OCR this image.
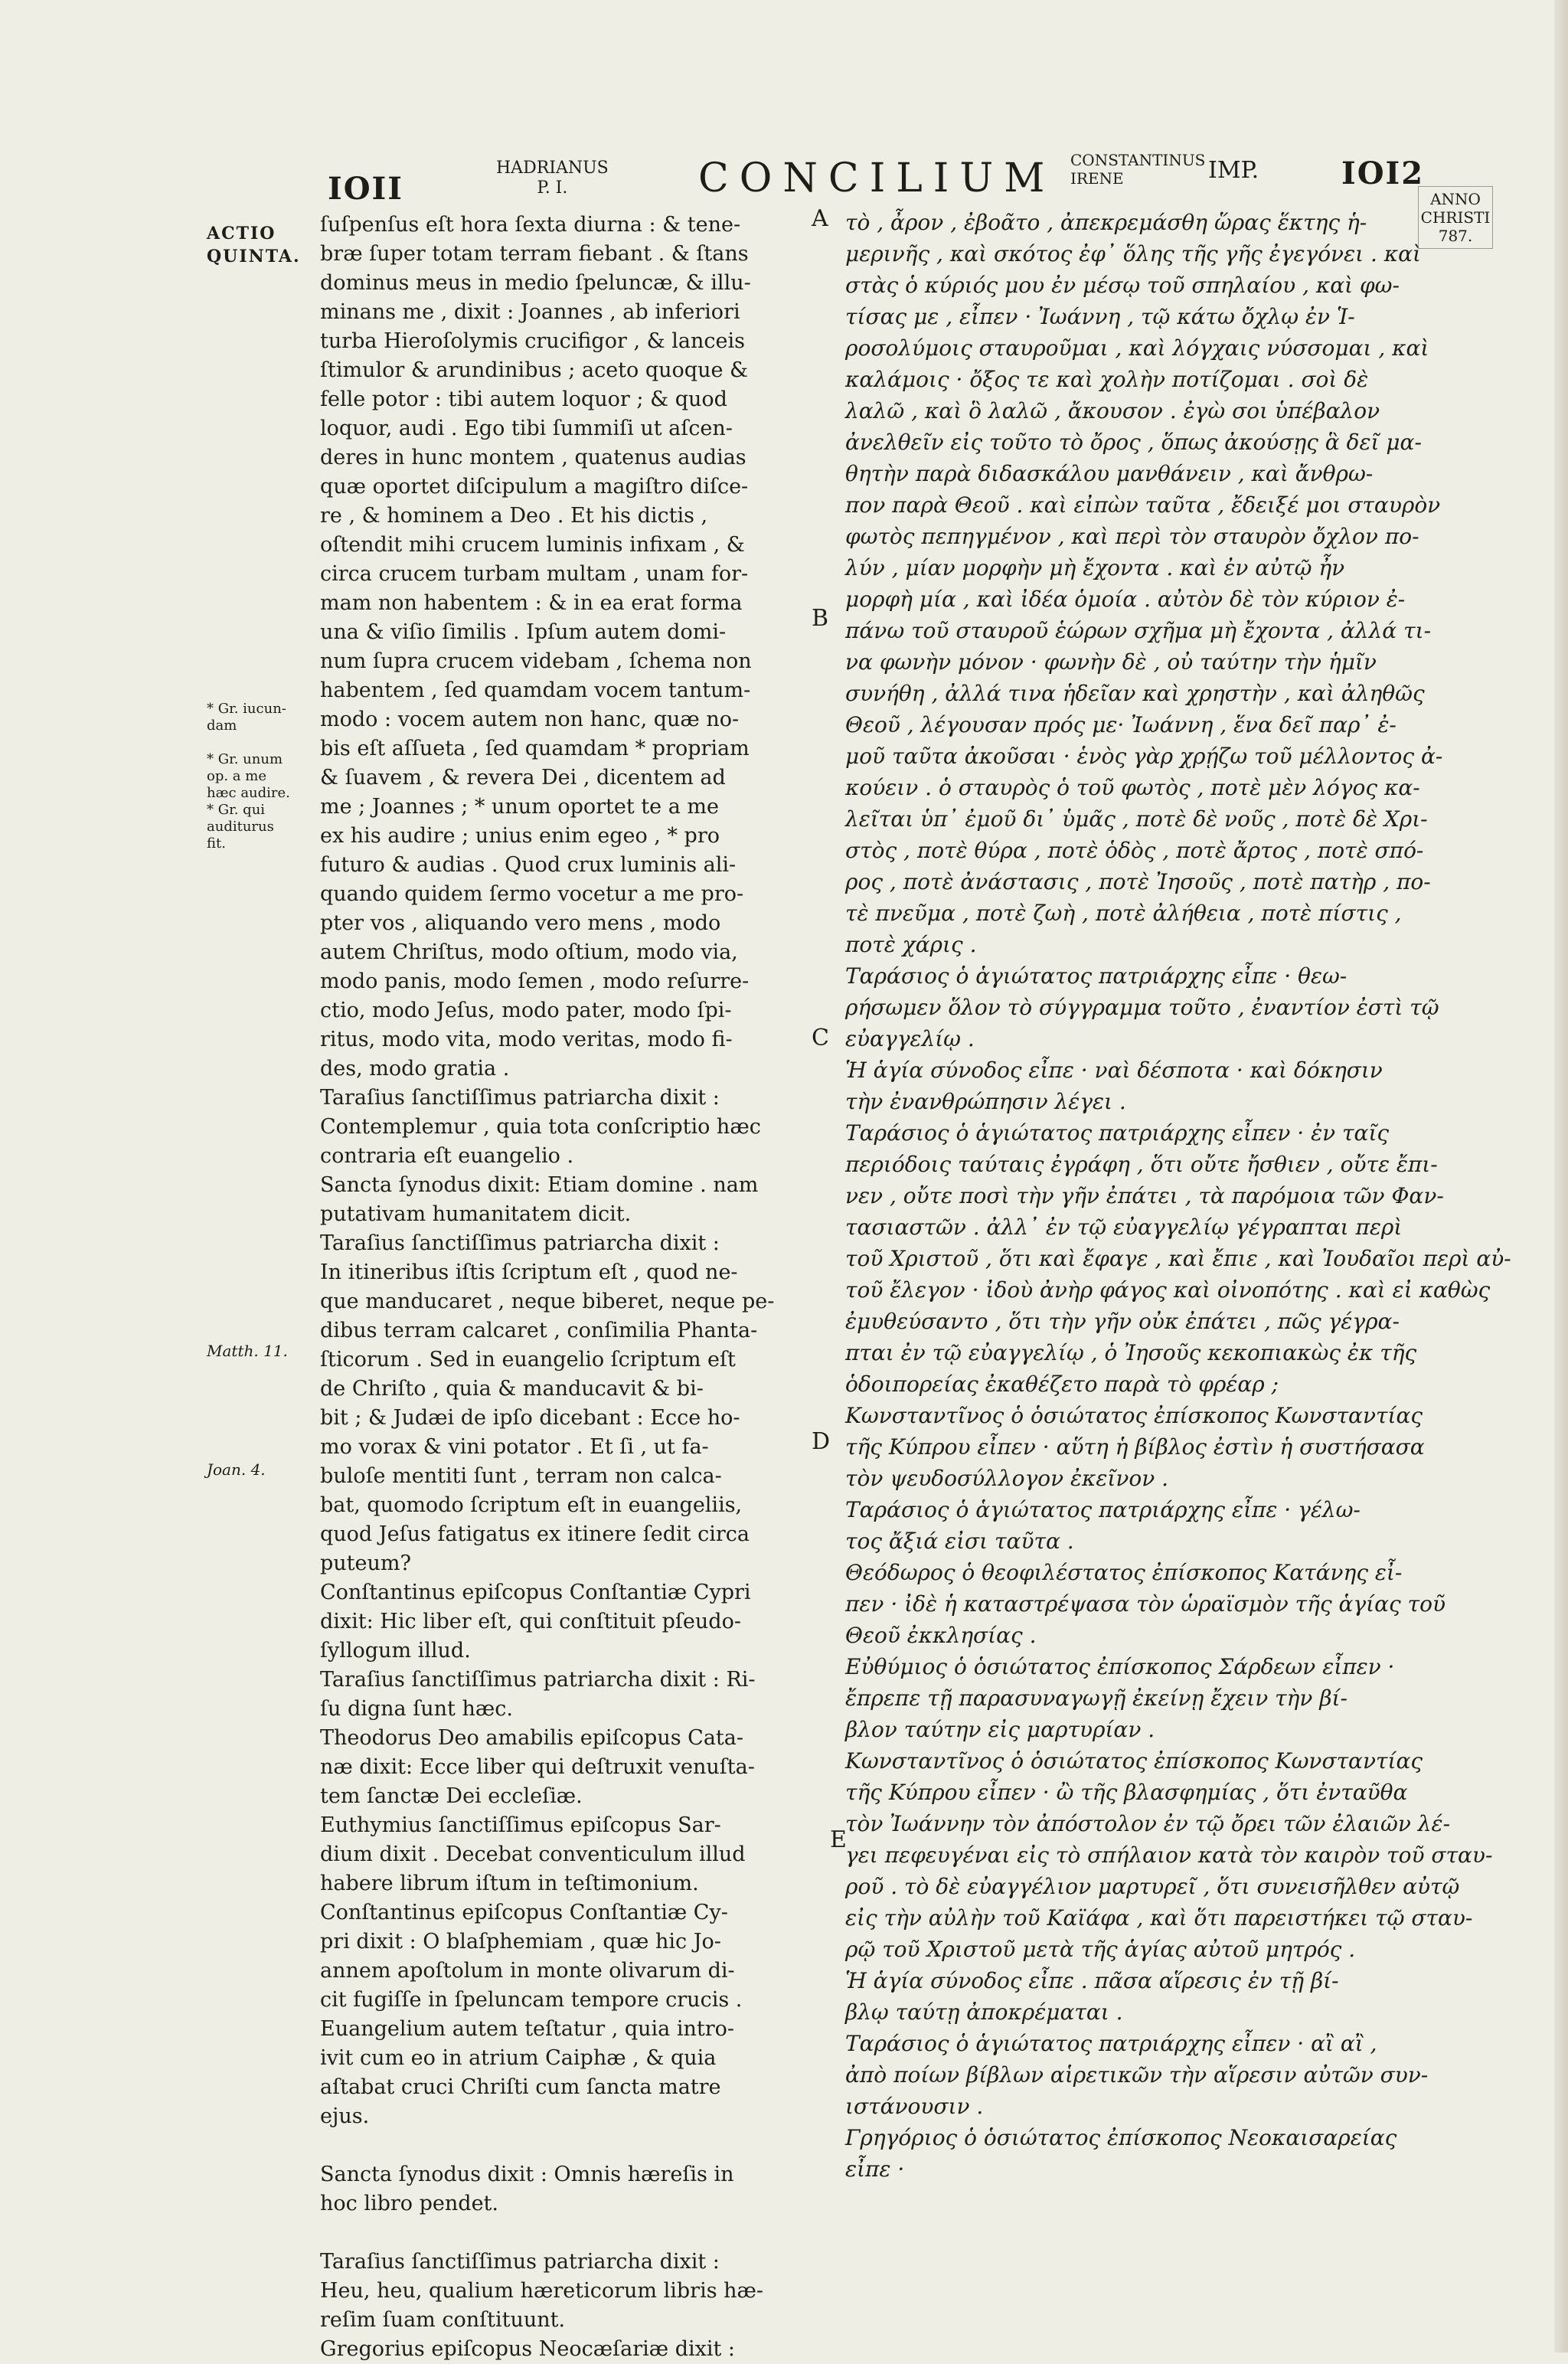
IOII
HADRIANUS
P. I.	CONCILIUM CONSTANTINUS
IRENE	IMP.	IOI2
ANNO
CHRISTI
787.
ACTIO
QUINTA.
* Gr. iucun-
dam

* Gr. unum
op. a me
hæc audire.
* Gr. qui
auditurus
fit.
Matth. 11.
Joan. 4.
A
B
C
D
E
ſuſpenſus eſt hora ſexta diurna : & tene-
bræ ſuper totam terram fiebant . & ſtans
dominus meus in medio ſpeluncæ, & illu-
minans me , dixit : Joannes , ab inferiori
turba Hieroſolymis crucifigor , & lanceis
ſtimulor & arundinibus ; aceto quoque &
felle potor : tibi autem loquor ; & quod
loquor, audi . Ego tibi ſummiſi ut aſcen-
deres in hunc montem , quatenus audias
quæ oportet diſcipulum a magiſtro diſce-
re , & hominem a Deo . Et his dictis ,
oſtendit mihi crucem luminis infixam , &
circa crucem turbam multam , unam for-
mam non habentem : & in ea erat forma
una & viſio ſimilis . Ipſum autem domi-
num ſupra crucem videbam , ſchema non
habentem , ſed quamdam vocem tantum-
modo : vocem autem non hanc, quæ no-
bis eſt aſſueta , ſed quamdam * propriam
& ſuavem , & revera Dei , dicentem ad
me ; Joannes ; * unum oportet te a me
ex his audire ; unius enim egeo , * pro
futuro & audias . Quod crux luminis ali-
quando quidem ſermo vocetur a me pro-
pter vos , aliquando vero mens , modo
autem Chriſtus, modo oſtium, modo via,
modo panis, modo ſemen , modo reſurre-
ctio, modo Jeſus, modo pater, modo ſpi-
ritus, modo vita, modo veritas, modo fi-
des, modo gratia .
Taraſius ſanctiſſimus patriarcha dixit :
Contemplemur , quia tota conſcriptio hæc
contraria eſt euangelio .
Sancta ſynodus dixit: Etiam domine . nam
putativam humanitatem dicit.
Taraſius ſanctiſſimus patriarcha dixit :
In itineribus iſtis ſcriptum eſt , quod ne-
que manducaret , neque biberet, neque pe-
dibus terram calcaret , conſimilia Phanta-
ſticorum . Sed in euangelio ſcriptum eſt
de Chriſto , quia & manducavit & bi-
bit ; & Judæi de ipſo dicebant : Ecce ho-
mo vorax & vini potator . Et ſi , ut fa-
buloſe mentiti ſunt , terram non calca-
bat, quomodo ſcriptum eſt in euangeliis,
quod Jeſus fatigatus ex itinere ſedit circa
puteum?
Conſtantinus epiſcopus Conſtantiæ Cypri
dixit: Hic liber eſt, qui conſtituit pſeudo-
ſyllogum illud.
Taraſius ſanctiſſimus patriarcha dixit : Ri-
ſu digna ſunt hæc.
Theodorus Deo amabilis epiſcopus Cata-
næ dixit: Ecce liber qui deſtruxit venuſta-
tem ſanctæ Dei eccleſiæ.
Euthymius ſanctiſſimus epiſcopus Sar-
dium dixit . Decebat conventiculum illud
habere librum iſtum in teſtimonium.
Conſtantinus epiſcopus Conſtantiæ Cy-
pri dixit : O blaſphemiam , quæ hic Jo-
annem apoſtolum in monte olivarum di-
cit fugiſſe in ſpeluncam tempore crucis .
Euangelium autem teſtatur , quia intro-
ivit cum eo in atrium Caiphæ , & quia
aſtabat cruci Chriſti cum ſancta matre
ejus.

Sancta ſynodus dixit : Omnis hæreſis in
hoc libro pendet.

Taraſius ſanctiſſimus patriarcha dixit :
Heu, heu, qualium hæreticorum libris hæ-
reſim ſuam conſtituunt.
Gregorius epiſcopus Neocæſariæ dixit :
τὸ , ἆρον , ἐβοᾶτο , ἀπεκρεμάσθη ὥρας ἕκτης ἡ-
μερινῆς , καὶ σκότος ἐφ᾽ ὅλης τῆς γῆς ἐγεγόνει . καὶ
στὰς ὁ κύριός μου ἐν μέσῳ τοῦ σπηλαίου , καὶ φω-
τίσας με , εἶπεν · Ἰωάννη , τῷ κάτω ὄχλῳ ἐν Ἱ-
ροσολύμοις σταυροῦμαι , καὶ λόγχαις νύσσομαι , καὶ
καλάμοις · ὄξος τε καὶ χολὴν ποτίζομαι . σοὶ δὲ
λαλῶ , καὶ ὃ λαλῶ , ἄκουσον . ἐγὼ σοι ὑπέβαλον
ἀνελθεῖν εἰς τοῦτο τὸ ὄρος , ὅπως ἀκούσῃς ἃ δεῖ μα-
θητὴν παρὰ διδασκάλου μανθάνειν , καὶ ἄνθρω-
πον παρὰ Θεοῦ . καὶ εἰπὼν ταῦτα , ἔδειξέ μοι σταυρὸν
φωτὸς πεπηγμένον , καὶ περὶ τὸν σταυρὸν ὄχλον πο-
λύν , μίαν μορφὴν μὴ ἔχοντα . καὶ ἐν αὐτῷ ἦν
μορφὴ μία , καὶ ἰδέα ὁμοία . αὐτὸν δὲ τὸν κύριον ἐ-
πάνω τοῦ σταυροῦ ἑώρων σχῆμα μὴ ἔχοντα , ἀλλά τι-
να φωνὴν μόνον · φωνὴν δὲ , οὐ ταύτην τὴν ἡμῖν
συνήθη , ἀλλά τινα ἡδεῖαν καὶ χρηστὴν , καὶ ἀληθῶς
Θεοῦ , λέγουσαν πρός με· Ἰωάννη , ἕνα δεῖ παρ᾽ ἐ-
μοῦ ταῦτα ἀκοῦσαι · ἑνὸς γὰρ χρῄζω τοῦ μέλλοντος ἀ-
κούειν . ὁ σταυρὸς ὁ τοῦ φωτὸς , ποτὲ μὲν λόγος κα-
λεῖται ὑπ᾽ ἐμοῦ δι᾽ ὑμᾶς , ποτὲ δὲ νοῦς , ποτὲ δὲ Χρι-
στὸς , ποτὲ θύρα , ποτὲ ὁδὸς , ποτὲ ἄρτος , ποτὲ σπό-
ρος , ποτὲ ἀνάστασις , ποτὲ Ἰησοῦς , ποτὲ πατὴρ , πο-
τὲ πνεῦμα , ποτὲ ζωὴ , ποτὲ ἀλήθεια , ποτὲ πίστις ,
ποτὲ χάρις .
Ταράσιος ὁ ἁγιώτατος πατριάρχης εἶπε · θεω-
ρήσωμεν ὅλον τὸ σύγγραμμα τοῦτο , ἐναντίον ἐστὶ τῷ
εὐαγγελίῳ .
Ἡ ἁγία σύνοδος εἶπε · ναὶ δέσποτα · καὶ δόκησιν
τὴν ἐνανθρώπησιν λέγει .
Ταράσιος ὁ ἁγιώτατος πατριάρχης εἶπεν · ἐν ταῖς
περιόδοις ταύταις ἐγράφη , ὅτι οὔτε ἤσθιεν , οὔτε ἔπι-
νεν , οὔτε ποσὶ τὴν γῆν ἐπάτει , τὰ παρόμοια τῶν Φαν-
τασιαστῶν . ἀλλ᾽ ἐν τῷ εὐαγγελίῳ γέγραπται περὶ
τοῦ Χριστοῦ , ὅτι καὶ ἔφαγε , καὶ ἔπιε , καὶ Ἰουδαῖοι περὶ αὐ-
τοῦ ἔλεγον · ἰδοὺ ἀνὴρ φάγος καὶ οἰνοπότης . καὶ εἰ καθὼς
ἐμυθεύσαντο , ὅτι τὴν γῆν οὐκ ἐπάτει , πῶς γέγρα-
πται ἐν τῷ εὐαγγελίῳ , ὁ Ἰησοῦς κεκοπιακὼς ἐκ τῆς
ὁδοιπορείας ἐκαθέζετο παρὰ τὸ φρέαρ ;
Κωνσταντῖνος ὁ ὁσιώτατος ἐπίσκοπος Κωνσταντίας
τῆς Κύπρου εἶπεν · αὕτη ἡ βίβλος ἐστὶν ἡ συστήσασα
τὸν ψευδοσύλλογον ἐκεῖνον .
Ταράσιος ὁ ἁγιώτατος πατριάρχης εἶπε · γέλω-
τος ἄξιά εἰσι ταῦτα .
Θεόδωρος ὁ θεοφιλέστατος ἐπίσκοπος Κατάνης εἶ-
πεν · ἰδὲ ἡ καταστρέψασα τὸν ὡραϊσμὸν τῆς ἁγίας τοῦ
Θεοῦ ἐκκλησίας .
Εὐθύμιος ὁ ὁσιώτατος ἐπίσκοπος Σάρδεων εἶπεν ·
ἔπρεπε τῇ παρασυναγωγῇ ἐκείνῃ ἔχειν τὴν βί-
βλον ταύτην εἰς μαρτυρίαν .
Κωνσταντῖνος ὁ ὁσιώτατος ἐπίσκοπος Κωνσταντίας
τῆς Κύπρου εἶπεν · ὢ τῆς βλασφημίας , ὅτι ἐνταῦθα
τὸν Ἰωάννην τὸν ἀπόστολον ἐν τῷ ὄρει τῶν ἐλαιῶν λέ-
γει πεφευγέναι εἰς τὸ σπήλαιον κατὰ τὸν καιρὸν τοῦ σταυ-
ροῦ . τὸ δὲ εὐαγγέλιον μαρτυρεῖ , ὅτι συνεισῆλθεν αὐτῷ
εἰς τὴν αὐλὴν τοῦ Καϊάφα , καὶ ὅτι παρειστήκει τῷ σταυ-
ρῷ τοῦ Χριστοῦ μετὰ τῆς ἁγίας αὐτοῦ μητρός .
Ἡ ἁγία σύνοδος εἶπε . πᾶσα αἵρεσις ἐν τῇ βί-
βλῳ ταύτῃ ἀποκρέμαται .
Ταράσιος ὁ ἁγιώτατος πατριάρχης εἶπεν · αἲ αἲ ,
ἀπὸ ποίων βίβλων αἱρετικῶν τὴν αἵρεσιν αὐτῶν συν-
ιστάνουσιν .
Γρηγόριος ὁ ὁσιώτατος ἐπίσκοπος Νεοκαισαρείας
εἶπε ·
